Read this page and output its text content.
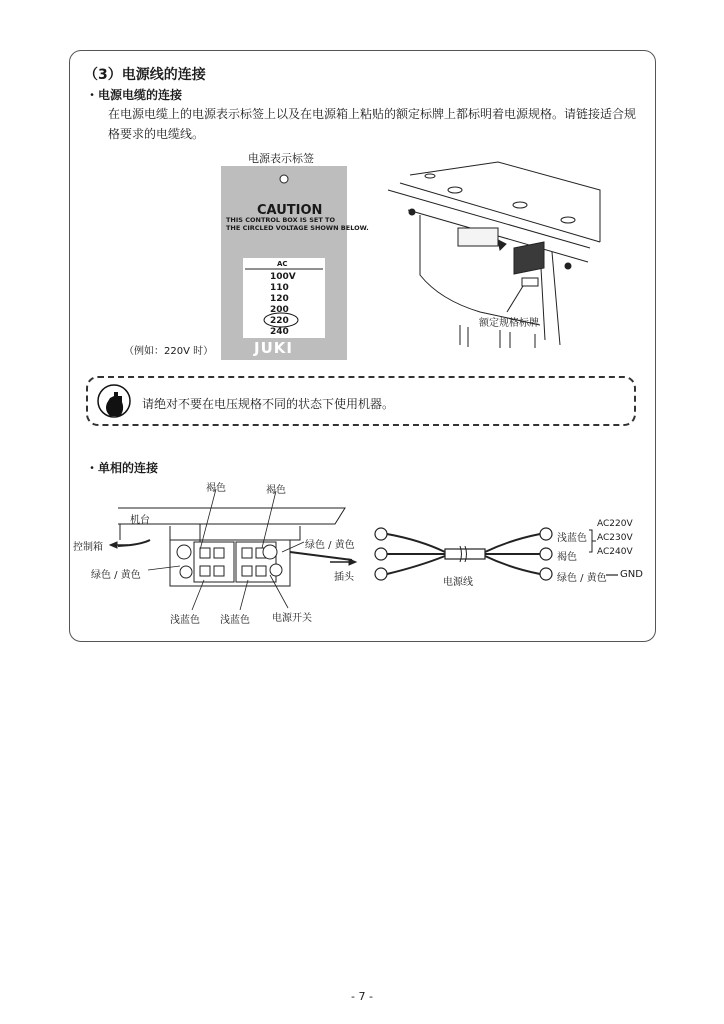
（3）电源线的连接
・电源电缆的连接
在电源电缆上的电源表示标签上以及在电源箱上粘贴的额定标牌上都标明着电源规格。请链接适合规格要求的电缆线。
电源表示标签
CAUTION
THIS CONTROL BOX IS SET TO
THE CIRCLED VOLTAGE SHOWN BELOW.
AC
100V
110
120
200
220
240
JUKI
（例如：220V 时）
额定规格标牌
请绝对不要在电压规格不同的状态下使用机器。
・单相的连接
褐色	褐色
机台
控制箱
绿色 / 黄色
绿色 / 黄色
插头
浅蓝色 浅蓝色 电源开关
电源线
浅蓝色
褐色
绿色 / 黄色 GND
AC220V
AC230V
AC240V
- 7 -
